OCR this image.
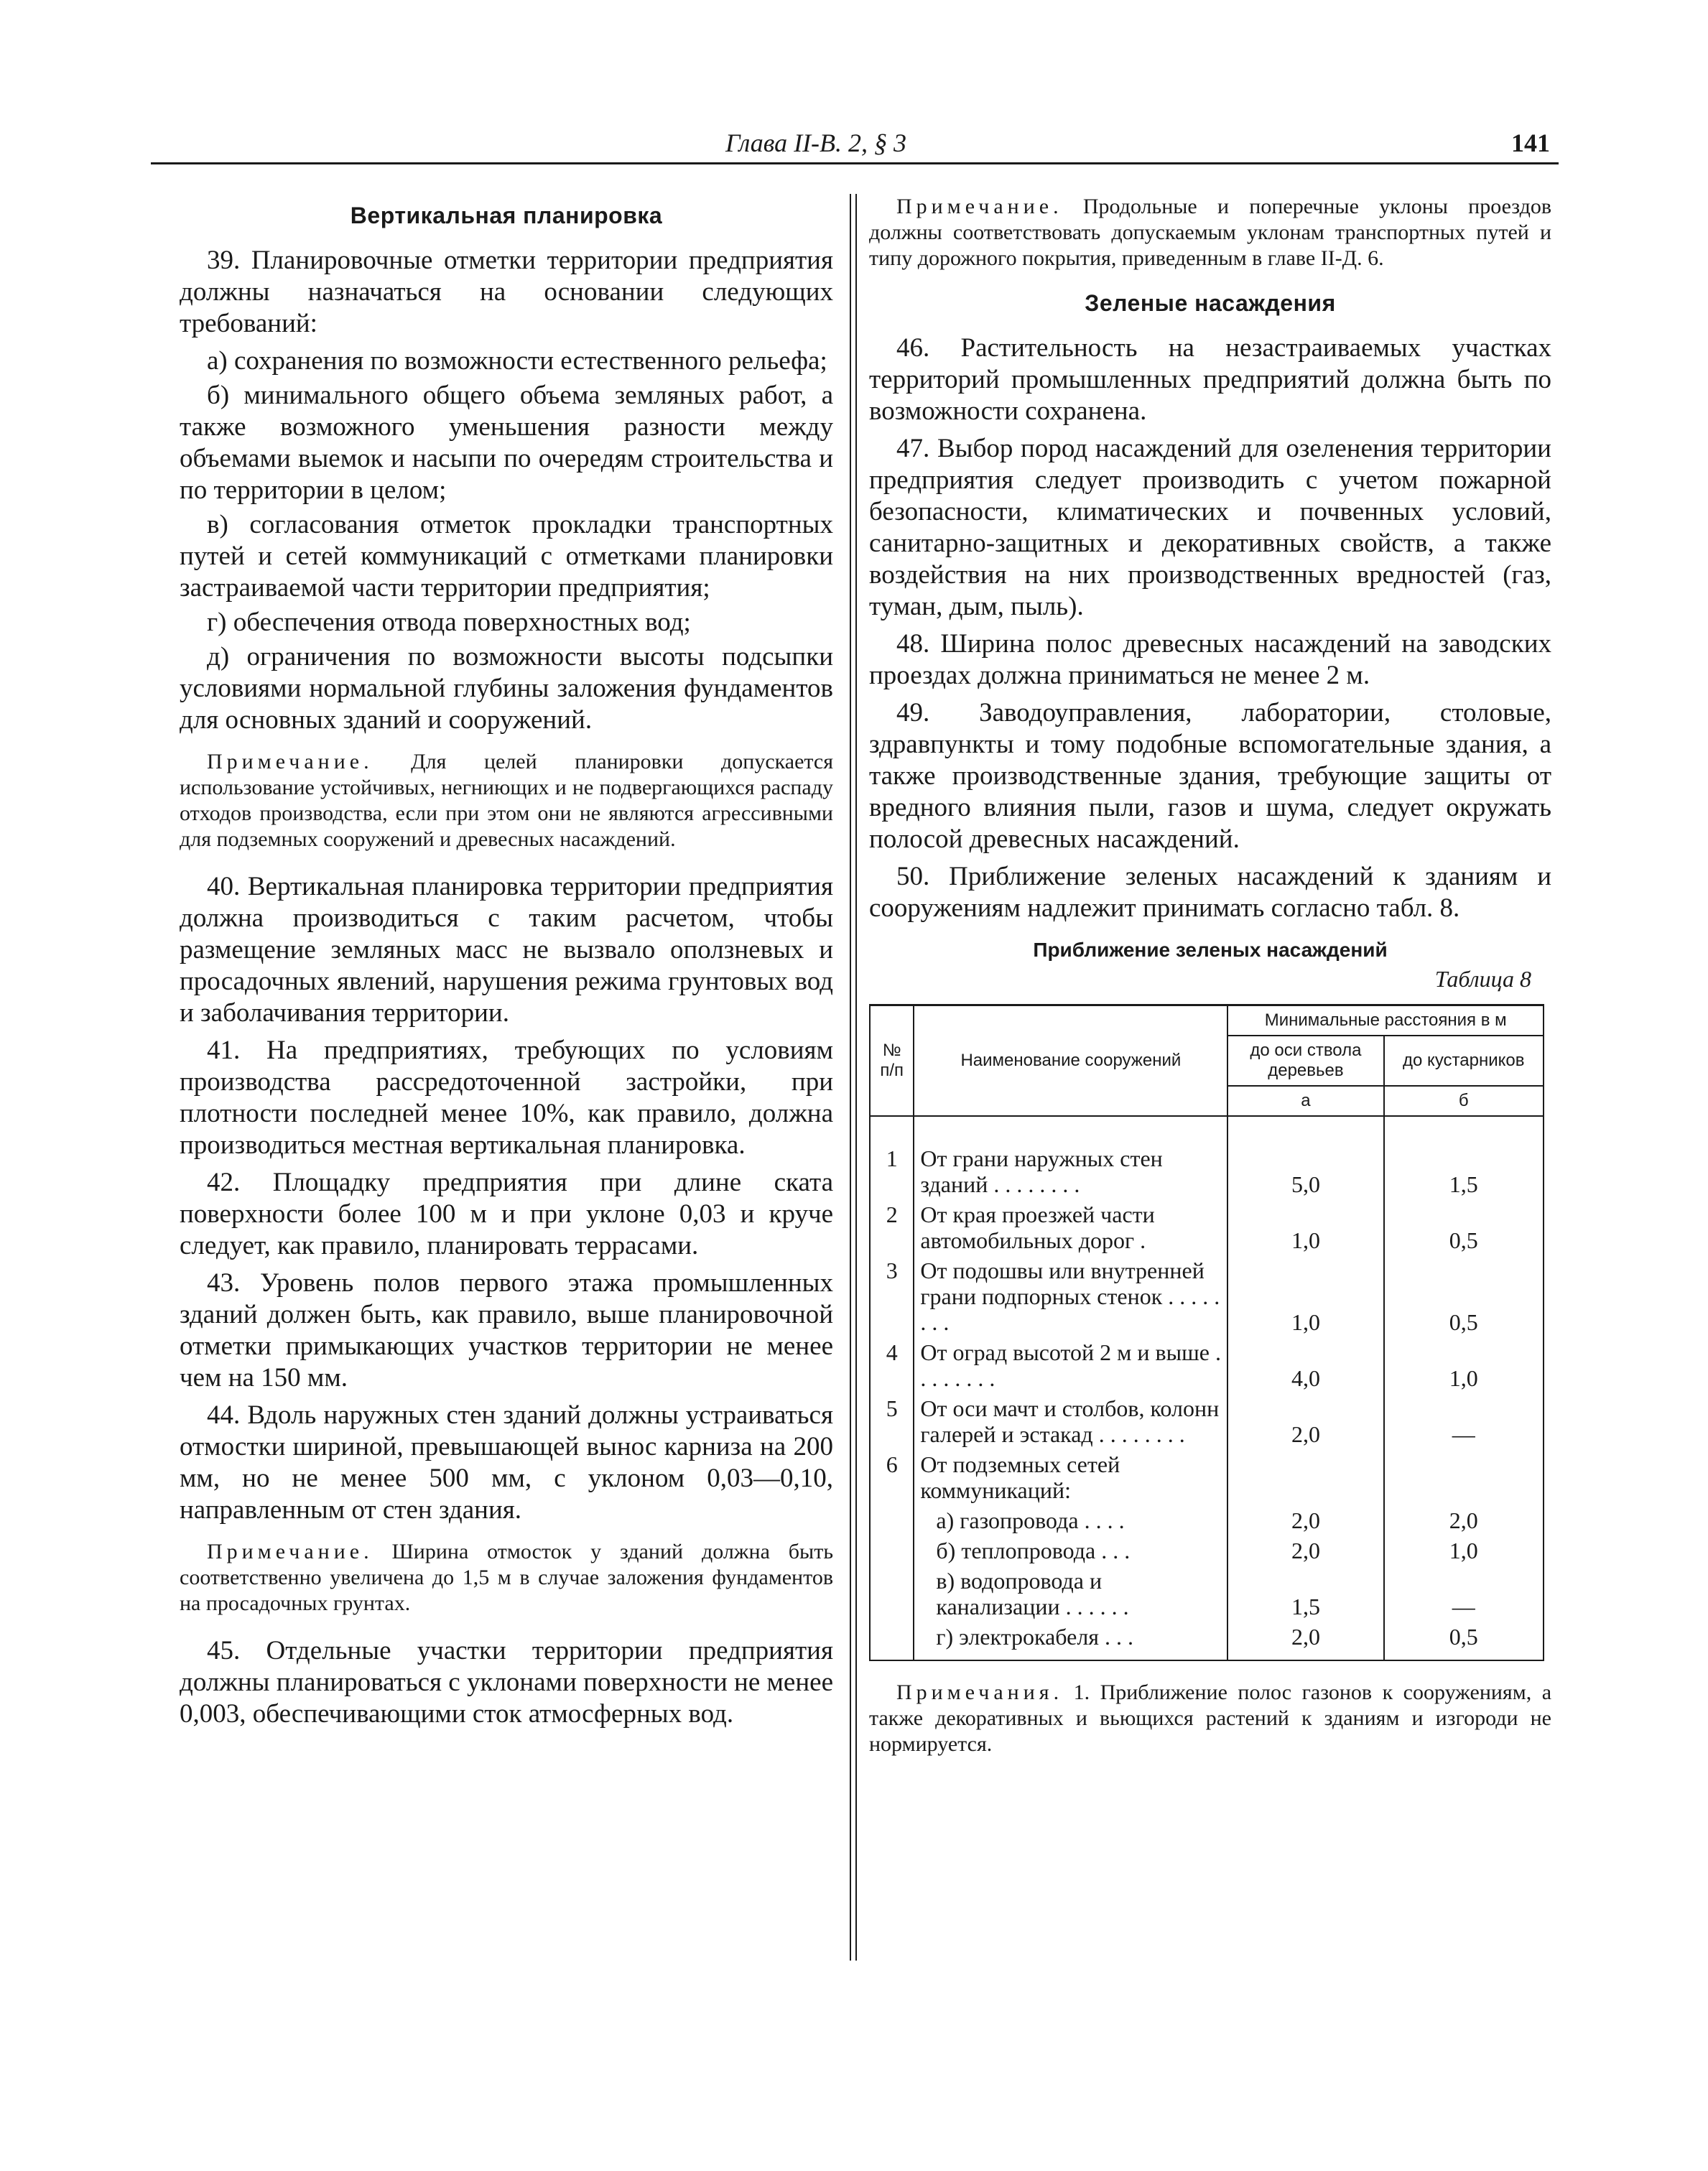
Глава II-В. 2, § 3	141
Вертикальная планировка

39. Планировочные отметки территории предприятия должны назначаться на основании следующих требований:

а) сохранения по возможности естественного рельефа;

б) минимального общего объема земляных работ, а также возможного уменьшения разности между объемами выемок и насыпи по очередям строительства и по территории в целом;

в) согласования отметок прокладки транспортных путей и сетей коммуникаций с отметками планировки застраиваемой части территории предприятия;

г) обеспечения отвода поверхностных вод;

д) ограничения по возможности высоты подсыпки условиями нормальной глубины заложения фундаментов для основных зданий и сооружений.

Примечание. Для целей планировки допускается использование устойчивых, негниющих и не подвергающихся распаду отходов производства, если при этом они не являются агрессивными для подземных сооружений и древесных насаждений.

40. Вертикальная планировка территории предприятия должна производиться с таким расчетом, чтобы размещение земляных масс не вызвало оползневых и просадочных явлений, нарушения режима грунтовых вод и заболачивания территории.

41. На предприятиях, требующих по условиям производства рассредоточенной застройки, при плотности последней менее 10%, как правило, должна производиться местная вертикальная планировка.

42. Площадку предприятия при длине ската поверхности более 100 м и при уклоне 0,03 и круче следует, как правило, планировать террасами.

43. Уровень полов первого этажа промышленных зданий должен быть, как правило, выше планировочной отметки примыкающих участков территории не менее чем на 150 мм.

44. Вдоль наружных стен зданий должны устраиваться отмостки шириной, превышающей вынос карниза на 200 мм, но не менее 500 мм, с уклоном 0,03—0,10, направленным от стен здания.

Примечание. Ширина отмосток у зданий должна быть соответственно увеличена до 1,5 м в случае заложения фундаментов на просадочных грунтах.

45. Отдельные участки территории предприятия должны планироваться с уклонами поверхности не менее 0,003, обеспечивающими сток атмосферных вод.

Примечание. Продольные и поперечные уклоны проездов должны соответствовать допускаемым уклонам транспортных путей и типу дорожного покрытия, приведенным в главе II-Д. 6.

Зеленые насаждения

46. Растительность на незастраиваемых участках территорий промышленных предприятий должна быть по возможности сохранена.

47. Выбор пород насаждений для озеленения территории предприятия следует производить с учетом пожарной безопасности, климатических и почвенных условий, санитарно-защитных и декоративных свойств, а также воздействия на них производственных вредностей (газ, туман, дым, пыль).

48. Ширина полос древесных насаждений на заводских проездах должна приниматься не менее 2 м.

49. Заводоуправления, лаборатории, столовые, здравпункты и тому подобные вспомогательные здания, а также производственные здания, требующие защиты от вредного влияния пыли, газов и шума, следует окружать полосой древесных насаждений.

50. Приближение зеленых насаждений к зданиям и сооружениям надлежит принимать согласно табл. 8.

Приближение зеленых насаждений
Таблица 8
№ п/п	Наименование сооружений	Минимальные расстояния в м	
		до оси ствола деревьев	до кустарников
		а	б
1	От грани наружных стен зданий . . . . . . . .	5,0	1,5
2	От края проезжей части автомобильных дорог .	1,0	0,5
3	От подошвы или внутренней грани подпорных стенок . . . . . . . .	1,0	0,5
4	От оград высотой 2 м и выше . . . . . . . .	4,0	1,0
5	От оси мачт и столбов, колонн галерей и эстакад . . . . . . . .	2,0	—
6	От подземных сетей коммуникаций:		
	а) газопровода . . . .	2,0	2,0
	б) теплопровода . . .	2,0	1,0
	в) водопровода и канализации . . . . . .	1,5	—
	г) электрокабеля . . .	2,0	0,5

Примечания. 1. Приближение полос газонов к сооружениям, а также декоративных и вьющихся растений к зданиям и изгороди не нормируется.
